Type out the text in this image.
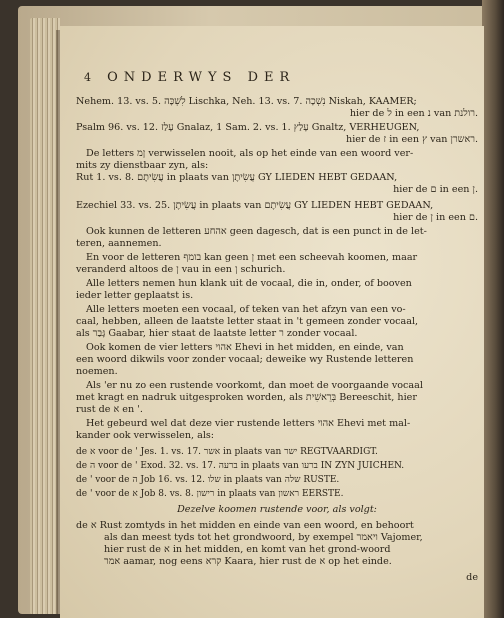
4 ONDERWYS DER
Nehem. 13. vs. 5. לִשְׁכָּה Lischka, Neh. 13. vs. 7. נִשְׁכָה Niskah, KAAMER;
hier de ל in een נ van רולנת.
Psalm 96. vs. 12. עָלַז Gnalaz, 1 Sam. 2. vs. 1. עָלַץ Gnaltz, VERHEUGEN,
hier de ז in een ץ van ראשרן.
De letters ןמ verwisselen nooit, als op het einde van een woord ver-
mits zy dienstbaar zyn, als:
Rut 1. vs. 8. עֲשִׂיתֶם in plaats van עֲשִׂיתֶן GY LIEDEN HEBT GEDAAN,
hier de ם in een ן.
Ezechiel 33. vs. 25. עֲשִׂיתֶן in plaats van עֲשִׂיתֶם GY LIEDEN HEBT GEDAAN,
hier de ן in een ם.
Ook kunnen de letteren אהחע geen dagesch, dat is een punct in de let-
teren, aannemen.
En voor de letteren בומף kan geen ן met een scheevah koomen, maar
veranderd altoos de ן vau in een ן schurich.
Alle letters nemen hun klank uit de vocaal, die in, onder, of booven
ieder letter geplaatst is.
Alle letters moeten een vocaal, of teken van het afzyn van een vo-
caal, hebben, alleen de laatste letter staat in 't gemeen zonder vocaal,
als גָּבַר Gaabar, hier staat de laatste letter ר zonder vocaal.
Ook komen de vier letters אהוי Ehevi in het midden, en einde, van
een woord dikwils voor zonder vocaal; deweike wy Rustende letteren
noemen.
Als 'er nu zo een rustende voorkomt, dan moet de voorgaande vocaal
met kragt en nadruk uitgesproken worden, als בְּרֵאשִׁית Bereeschit, hier
rust de א en '.
Het gebeurd wel dat deze vier rustende letters אהוי Ehevi met mal-
kander ook verwisselen, als:
de א voor de ' Jes. 1. vs. 17. אשר in plaats van ישר REGTVAARDIGT.
de ה voor de ' Exod. 32. vs. 17. ברעה in plaats van ברעו IN ZYN JUICHEN.
de ' voor de ה Job 16. vs. 12. שלו in plaats van שלה RUSTE.
de ' voor de א Job 8. vs. 8. רישון in plaats van ראשון EERSTE.
Dezelve koomen rustende voor, als volgt:
de א Rust zomtyds in het midden en einde van een woord, en behoort
als dan meest tyds tot het grondwoord, by exempel ויאמר Vajomer,
hier rust de א in het midden, en komt van het grond-woord
אמר aamar, nog eens קרא Kaara, hier rust de א op het einde.
de
